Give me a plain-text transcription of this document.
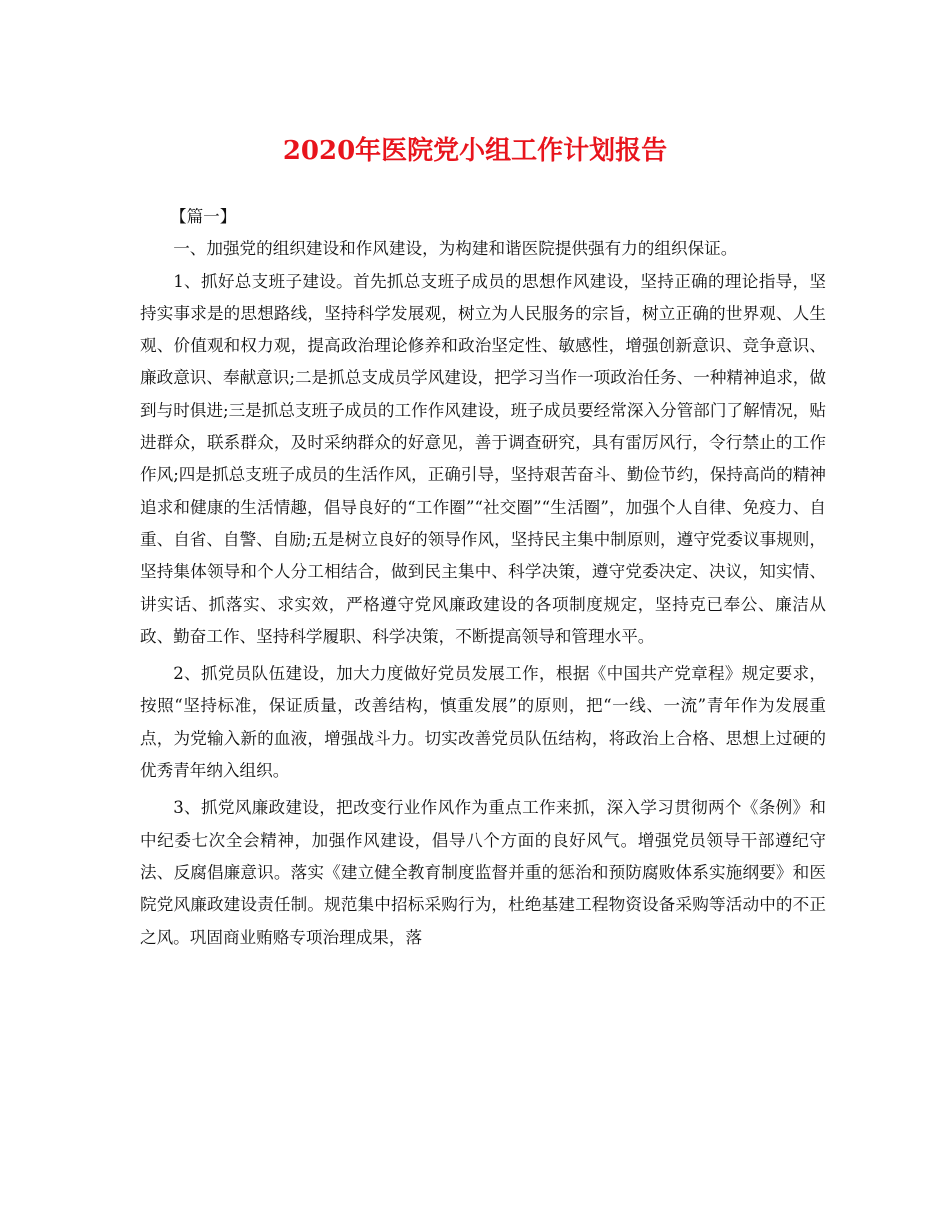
2020年医院党小组工作计划报告

【篇一】

一、加强党的组织建设和作风建设，为构建和谐医院提供强有力的组织保证。

1、抓好总支班子建设。首先抓总支班子成员的思想作风建设，坚持正确的理论指导，坚持实事求是的思想路线，坚持科学发展观，树立为人民服务的宗旨，树立正确的世界观、人生观、价值观和权力观，提高政治理论修养和政治坚定性、敏感性，增强创新意识、竞争意识、廉政意识、奉献意识;二是抓总支成员学风建设，把学习当作一项政治任务、一种精神追求，做到与时俱进;三是抓总支班子成员的工作作风建设，班子成员要经常深入分管部门了解情况，贴进群众，联系群众，及时采纳群众的好意见，善于调查研究，具有雷厉风行，令行禁止的工作作风;四是抓总支班子成员的生活作风，正确引导，坚持艰苦奋斗、勤俭节约，保持高尚的精神追求和健康的生活情趣，倡导良好的“工作圈”“社交圈”“生活圈”，加强个人自律、免疫力、自重、自省、自警、自励;五是树立良好的领导作风，坚持民主集中制原则，遵守党委议事规则，坚持集体领导和个人分工相结合，做到民主集中、科学决策，遵守党委决定、决议，知实情、讲实话、抓落实、求实效，严格遵守党风廉政建设的各项制度规定，坚持克已奉公、廉洁从政、勤奋工作、坚持科学履职、科学决策，不断提高领导和管理水平。

2、抓党员队伍建设，加大力度做好党员发展工作，根据《中国共产党章程》规定要求，按照“坚持标准，保证质量，改善结构，慎重发展”的原则，把“一线、一流”青年作为发展重点，为党输入新的血液，增强战斗力。切实改善党员队伍结构，将政治上合格、思想上过硬的优秀青年纳入组织。

3、抓党风廉政建设，把改变行业作风作为重点工作来抓，深入学习贯彻两个《条例》和中纪委七次全会精神，加强作风建设，倡导八个方面的良好风气。增强党员领导干部遵纪守法、反腐倡廉意识。落实《建立健全教育制度监督并重的惩治和预防腐败体系实施纲要》和医院党风廉政建设责任制。规范集中招标采购行为，杜绝基建工程物资设备采购等活动中的不正之风。巩固商业贿赂专项治理成果，落
